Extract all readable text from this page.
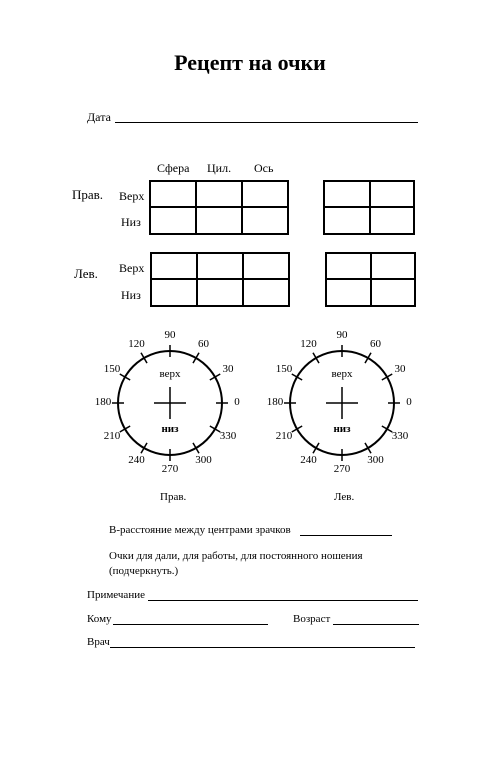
Рецепт на очки
Дата
Сфера Цил. Ось
Прав. Верх
Низ

Лев. Верх
Низ

120
90
60
30
150
180	0
210	330
240
270
300
верх
низ
Прав.
120
90
60
30
150
180	0
210	330
240
270
300
верх
низ
Лев.
В-расстояние между центрами зрачков
Очки для дали, для работы, для постоянного ношения
(подчеркнуть.)
Примечание
Кому	Возраст
Врач
